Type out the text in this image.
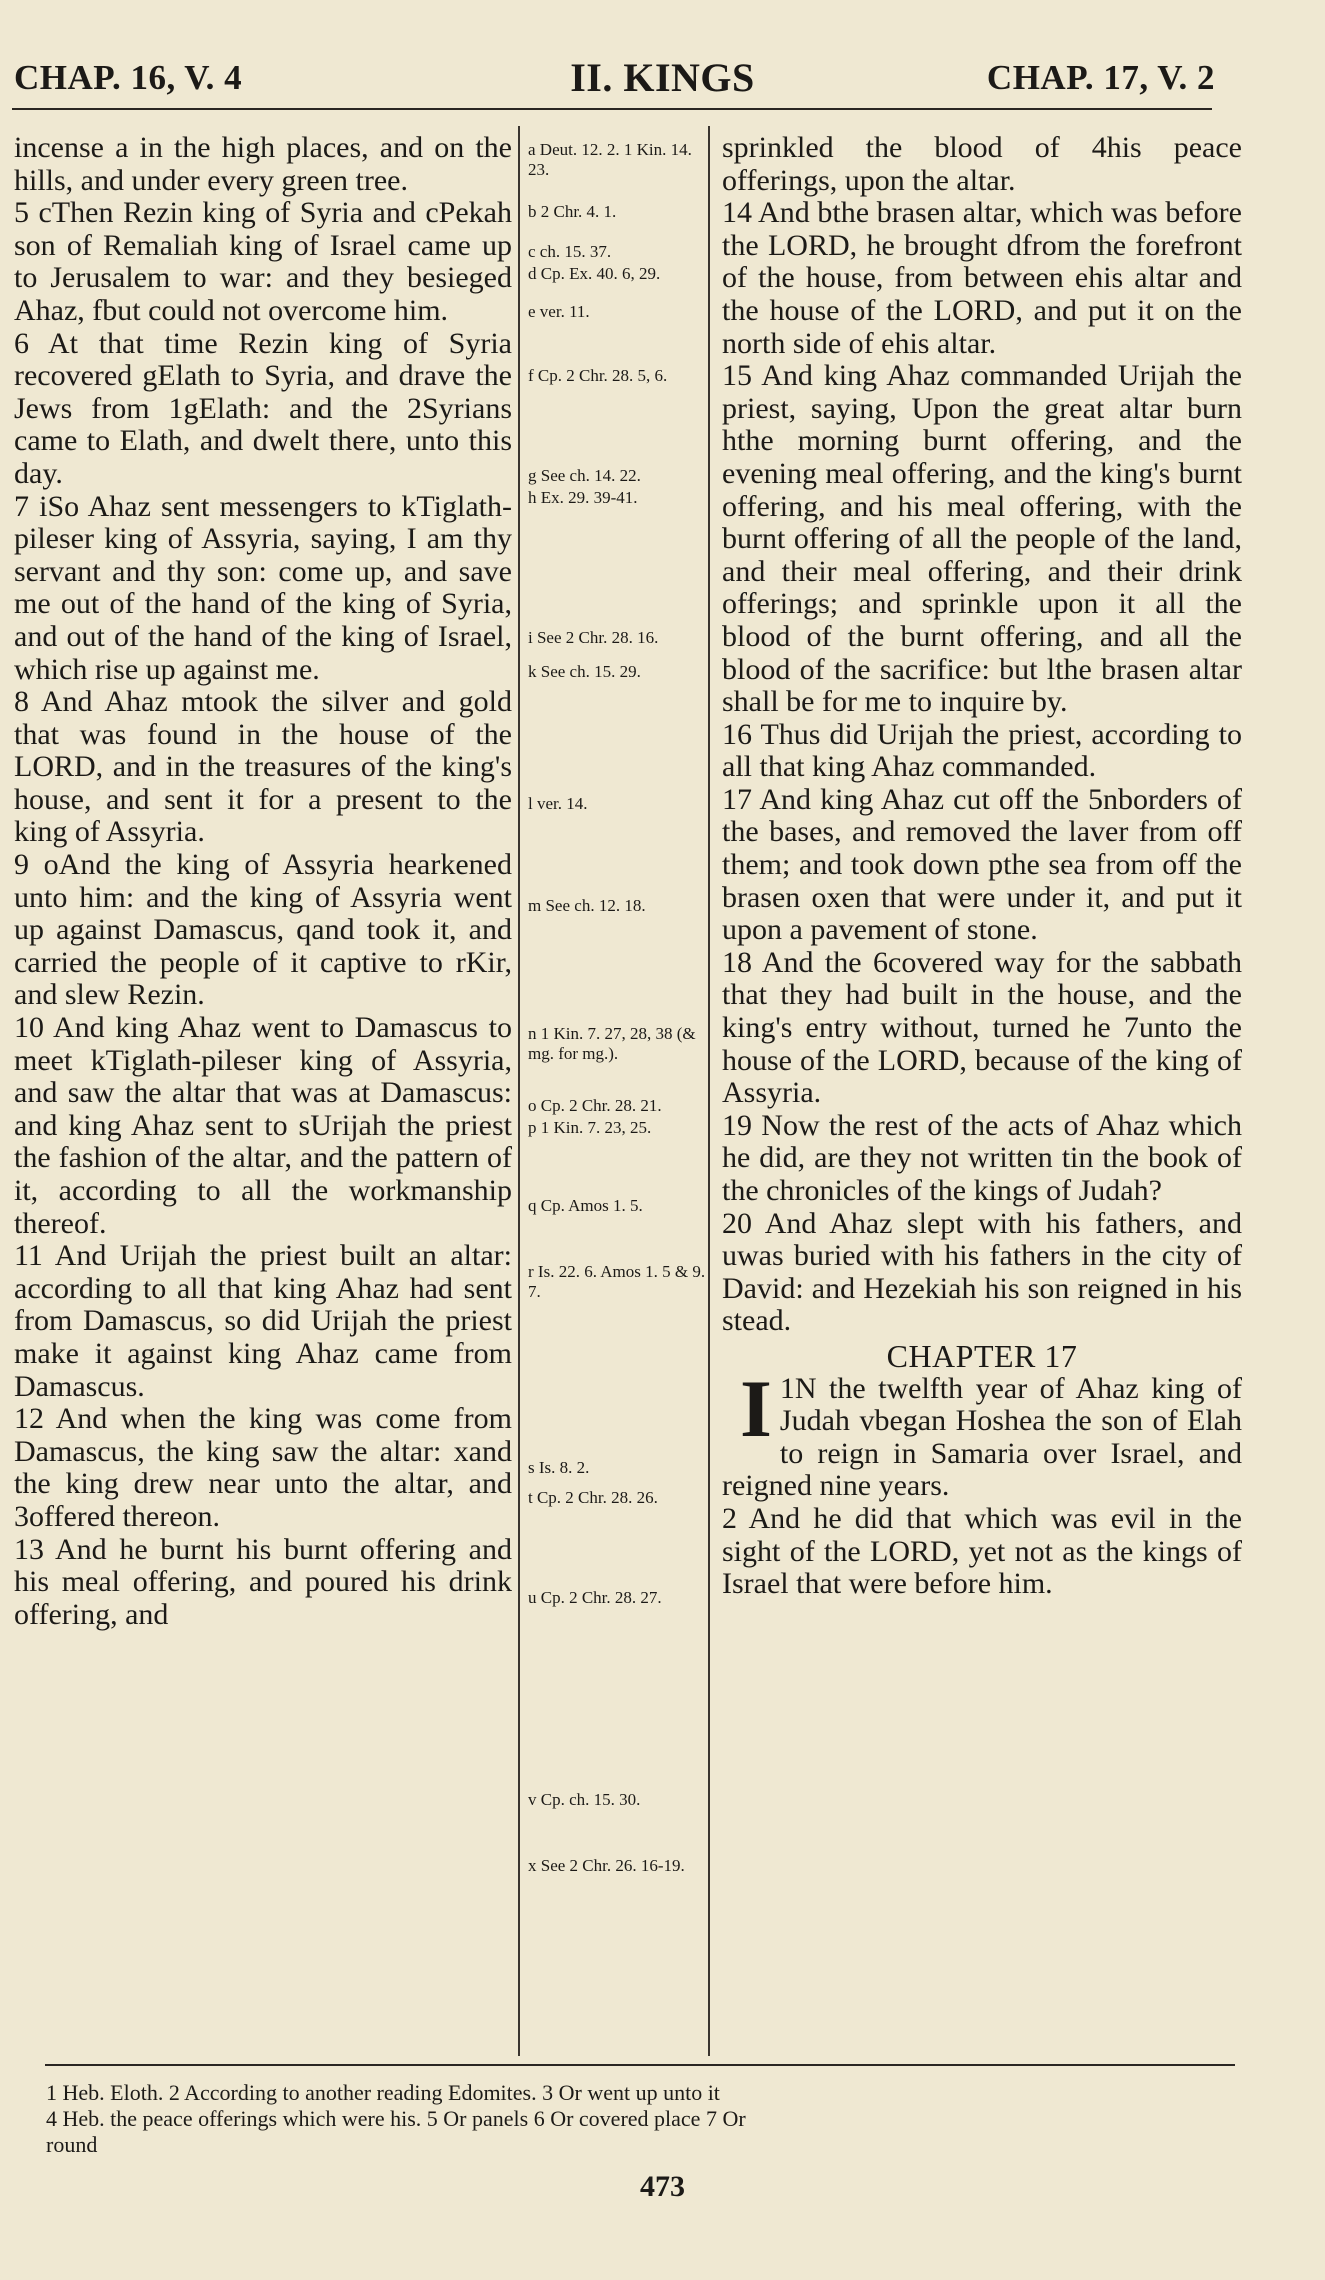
CHAP. 16, V. 4	II. KINGS	CHAP. 17, V. 2

incense a in the high places, and on the hills, and under every green tree.

5 cThen Rezin king of Syria and cPekah son of Remaliah king of Israel came up to Jerusalem to war: and they besieged Ahaz, fbut could not overcome him.

6 At that time Rezin king of Syria recovered gElath to Syria, and drave the Jews from 1gElath: and the 2Syrians came to Elath, and dwelt there, unto this day.

7 iSo Ahaz sent messengers to kTiglath-pileser king of Assyria, saying, I am thy servant and thy son: come up, and save me out of the hand of the king of Syria, and out of the hand of the king of Israel, which rise up against me.

8 And Ahaz mtook the silver and gold that was found in the house of the LORD, and in the treasures of the king's house, and sent it for a present to the king of Assyria.

9 oAnd the king of Assyria hearkened unto him: and the king of Assyria went up against Damascus, qand took it, and carried the people of it captive to rKir, and slew Rezin.

10 And king Ahaz went to Damascus to meet kTiglath-pileser king of Assyria, and saw the altar that was at Damascus: and king Ahaz sent to sUrijah the priest the fashion of the altar, and the pattern of it, according to all the workmanship thereof.

11 And Urijah the priest built an altar: according to all that king Ahaz had sent from Damascus, so did Urijah the priest make it against king Ahaz came from Damascus.

12 And when the king was come from Damascus, the king saw the altar: xand the king drew near unto the altar, and 3offered thereon.

13 And he burnt his burnt offering and his meal offering, and poured his drink offering, and

a Deut. 12. 2. 1 Kin. 14. 23.
b 2 Chr. 4. 1.
c ch. 15. 37.
d Cp. Ex. 40. 6, 29.
e ver. 11.
f Cp. 2 Chr. 28. 5, 6.
g See ch. 14. 22.
h Ex. 29. 39-41.
i See 2 Chr. 28. 16.
k See ch. 15. 29.
l ver. 14.
m See ch. 12. 18.
n 1 Kin. 7. 27, 28, 38 (& mg. for mg.).
o Cp. 2 Chr. 28. 21.
p 1 Kin. 7. 23, 25.
q Cp. Amos 1. 5.
r Is. 22. 6. Amos 1. 5 & 9. 7.
s Is. 8. 2.
t Cp. 2 Chr. 28. 26.
u Cp. 2 Chr. 28. 27.
v Cp. ch. 15. 30.
x See 2 Chr. 26. 16-19.

sprinkled the blood of 4his peace offerings, upon the altar.

14 And bthe brasen altar, which was before the LORD, he brought dfrom the forefront of the house, from between ehis altar and the house of the LORD, and put it on the north side of ehis altar.

15 And king Ahaz commanded Urijah the priest, saying, Upon the great altar burn hthe morning burnt offering, and the evening meal offering, and the king's burnt offering, and his meal offering, with the burnt offering of all the people of the land, and their meal offering, and their drink offerings; and sprinkle upon it all the blood of the burnt offering, and all the blood of the sacrifice: but lthe brasen altar shall be for me to inquire by.

16 Thus did Urijah the priest, according to all that king Ahaz commanded.

17 And king Ahaz cut off the 5nborders of the bases, and removed the laver from off them; and took down pthe sea from off the brasen oxen that were under it, and put it upon a pavement of stone.

18 And the 6covered way for the sabbath that they had built in the house, and the king's entry without, turned he 7unto the house of the LORD, because of the king of Assyria.

19 Now the rest of the acts of Ahaz which he did, are they not written tin the book of the chronicles of the kings of Judah?

20 And Ahaz slept with his fathers, and uwas buried with his fathers in the city of David: and Hezekiah his son reigned in his stead.

CHAPTER 17

1
I N the twelfth year of Ahaz king of Judah vbegan Hoshea the son of Elah to reign in Samaria over Israel, and reigned nine years.

2 And he did that which was evil in the sight of the LORD, yet not as the kings of Israel that were before him.

1 Heb. Eloth. 2 According to another reading Edomites. 3 Or went up unto it
4 Heb. the peace offerings which were his. 5 Or panels 6 Or covered place 7 Or
round
473
